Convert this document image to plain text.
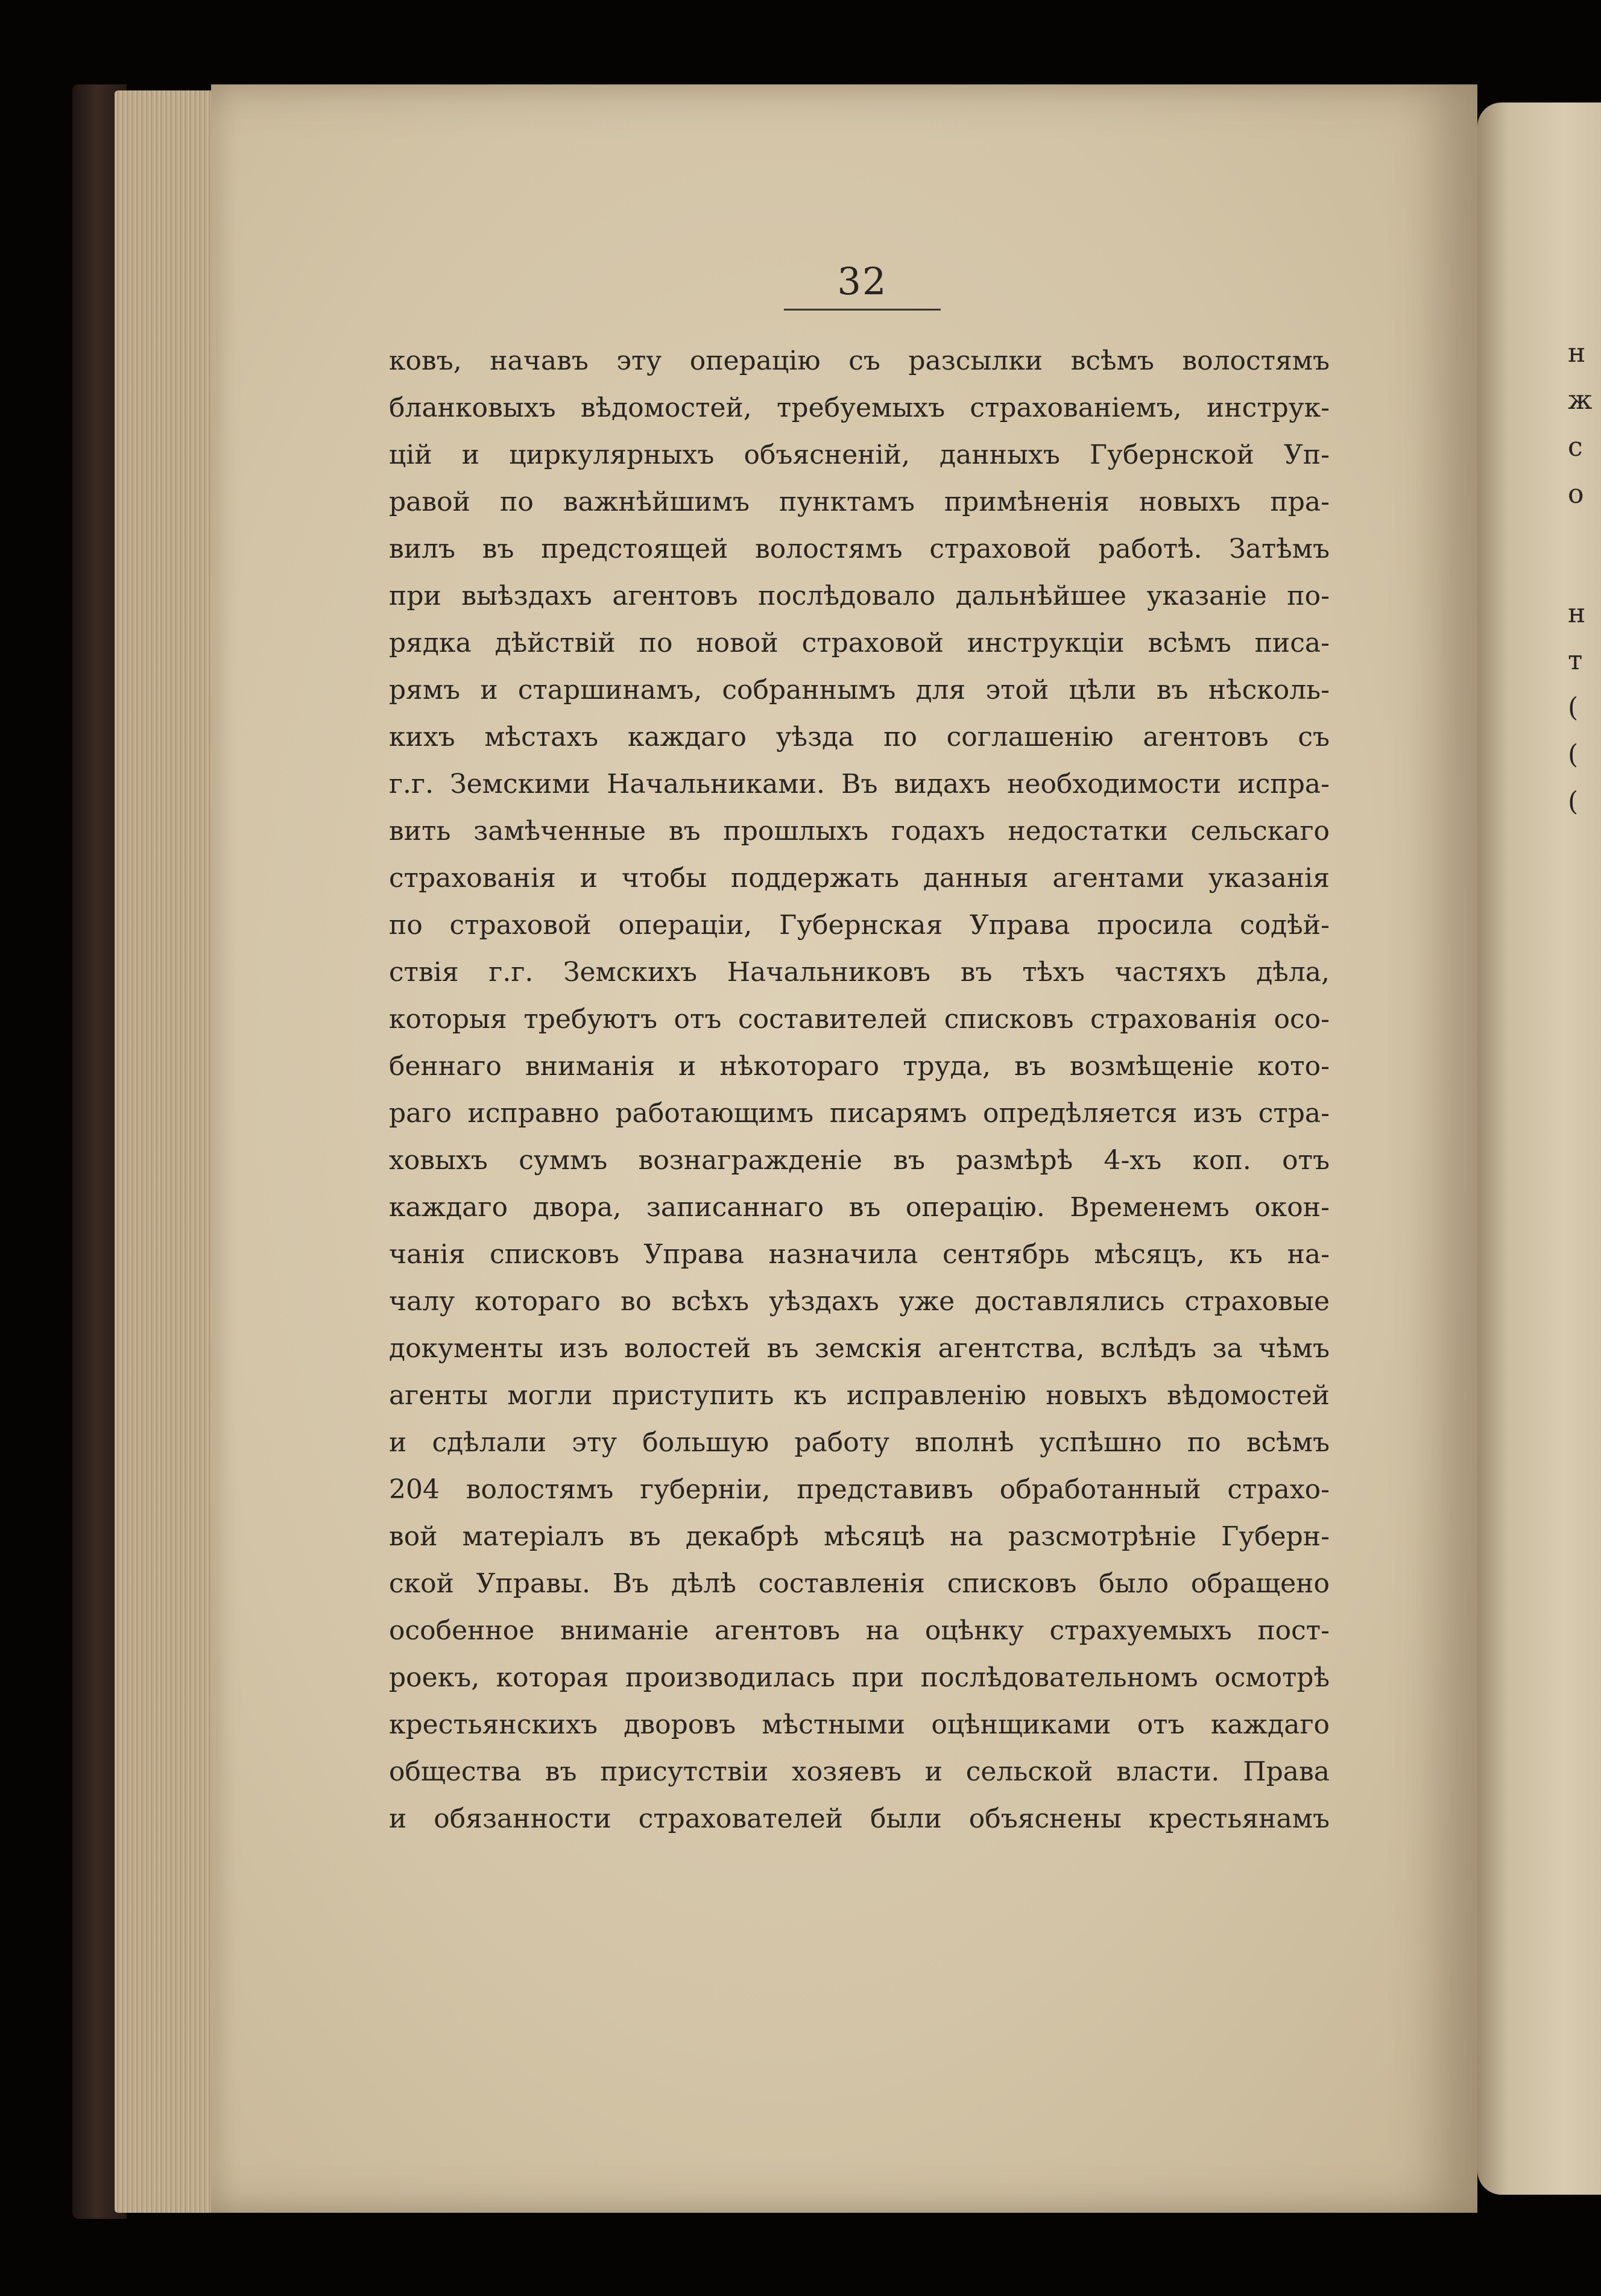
н
ж
с
о
н
т
(
(
(
32
ковъ, начавъ эту операцію съ разсылки всѣмъ волостямъ
бланковыхъ вѣдомостей, требуемыхъ страхованіемъ, инструк-
цій и циркулярныхъ объясненій, данныхъ Губернской Уп-
равой по важнѣйшимъ пунктамъ примѣненія новыхъ пра-
вилъ въ предстоящей волостямъ страховой работѣ. Затѣмъ
при выѣздахъ агентовъ послѣдовало дальнѣйшее указаніе по-
рядка дѣйствій по новой страховой инструкціи всѣмъ писа-
рямъ и старшинамъ, собраннымъ для этой цѣли въ нѣсколь-
кихъ мѣстахъ каждаго уѣзда по соглашенію агентовъ съ
г.г. Земскими Начальниками. Въ видахъ необходимости испра-
вить замѣченные въ прошлыхъ годахъ недостатки сельскаго
страхованія и чтобы поддержать данныя агентами указанія
по страховой операціи, Губернская Управа просила содѣй-
ствія г.г. Земскихъ Начальниковъ въ тѣхъ частяхъ дѣла,
которыя требуютъ отъ составителей списковъ страхованія осо-
беннаго вниманія и нѣкотораго труда, въ возмѣщеніе кото-
раго исправно работающимъ писарямъ опредѣляется изъ стра-
ховыхъ суммъ вознагражденіе въ размѣрѣ 4-хъ коп. отъ
каждаго двора, записаннаго въ операцію. Временемъ окон-
чанія списковъ Управа назначила сентябрь мѣсяцъ, къ на-
чалу котораго во всѣхъ уѣздахъ уже доставлялись страховые
документы изъ волостей въ земскія агентства, вслѣдъ за чѣмъ
агенты могли приступить къ исправленію новыхъ вѣдомостей
и сдѣлали эту большую работу вполнѣ успѣшно по всѣмъ
204 волостямъ губерніи, представивъ обработанный страхо-
вой матеріалъ въ декабрѣ мѣсяцѣ на разсмотрѣніе Губерн-
ской Управы. Въ дѣлѣ составленія списковъ было обращено
особенное вниманіе агентовъ на оцѣнку страхуемыхъ пост-
роекъ, которая производилась при послѣдовательномъ осмотрѣ
крестьянскихъ дворовъ мѣстными оцѣнщиками отъ каждаго
общества въ присутствіи хозяевъ и сельской власти. Права
и обязанности страхователей были объяснены крестьянамъ
